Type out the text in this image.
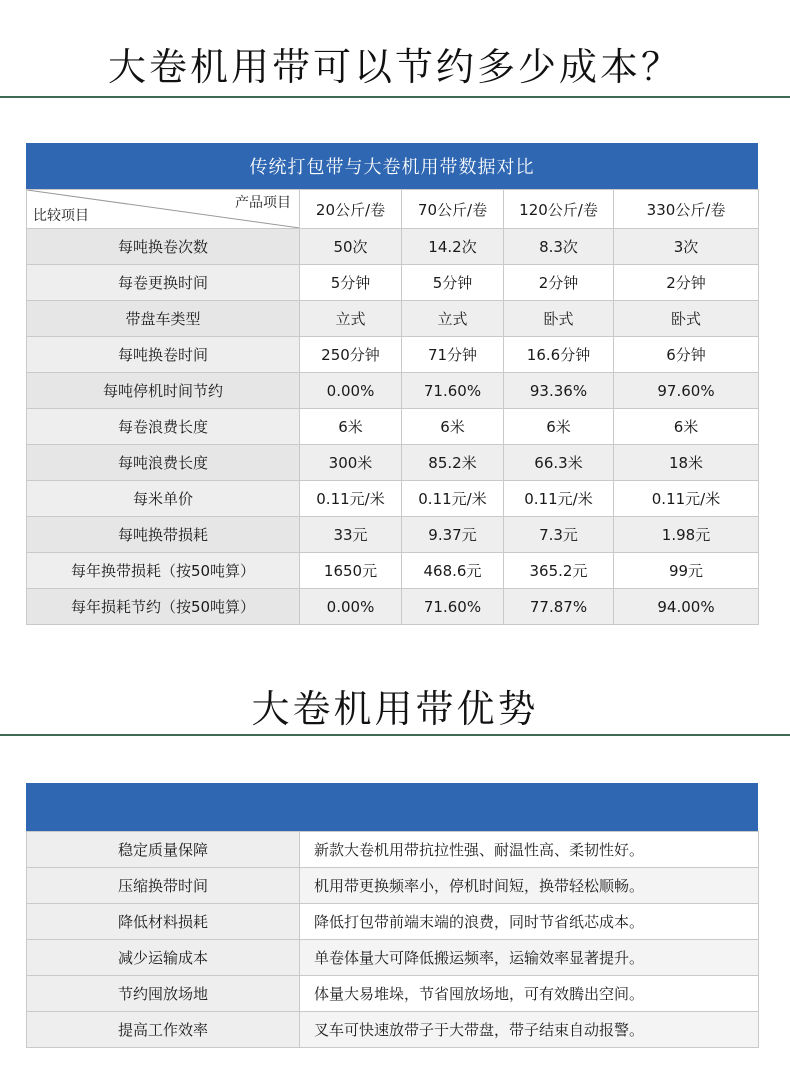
大卷机用带可以节约多少成本？
传统打包带与大卷机用带数据对比
产品项目
比较项目	20公斤/卷	70公斤/卷	120公斤/卷	330公斤/卷
每吨换卷次数	50次	14.2次	8.3次	3次
每卷更换时间	5分钟	5分钟	2分钟	2分钟
带盘车类型	立式	立式	卧式	卧式
每吨换卷时间	250分钟	71分钟	16.6分钟	6分钟
每吨停机时间节约	0.00%	71.60%	93.36%	97.60%
每卷浪费长度	6米	6米	6米	6米
每吨浪费长度	300米	85.2米	66.3米	18米
每米单价	0.11元/米	0.11元/米	0.11元/米	0.11元/米
每吨换带损耗	33元	9.37元	7.3元	1.98元
每年换带损耗（按50吨算）	1650元	468.6元	365.2元	99元
每年损耗节约（按50吨算）	0.00%	71.60%	77.87%	94.00%
大卷机用带优势
稳定质量保障	新款大卷机用带抗拉性强、耐温性高、柔韧性好。
压缩换带时间	机用带更换频率小，停机时间短，换带轻松顺畅。
降低材料损耗	降低打包带前端末端的浪费，同时节省纸芯成本。
减少运输成本	单卷体量大可降低搬运频率，运输效率显著提升。
节约囤放场地	体量大易堆垛，节省囤放场地，可有效腾出空间。
提高工作效率	叉车可快速放带子于大带盘，带子结束自动报警。
